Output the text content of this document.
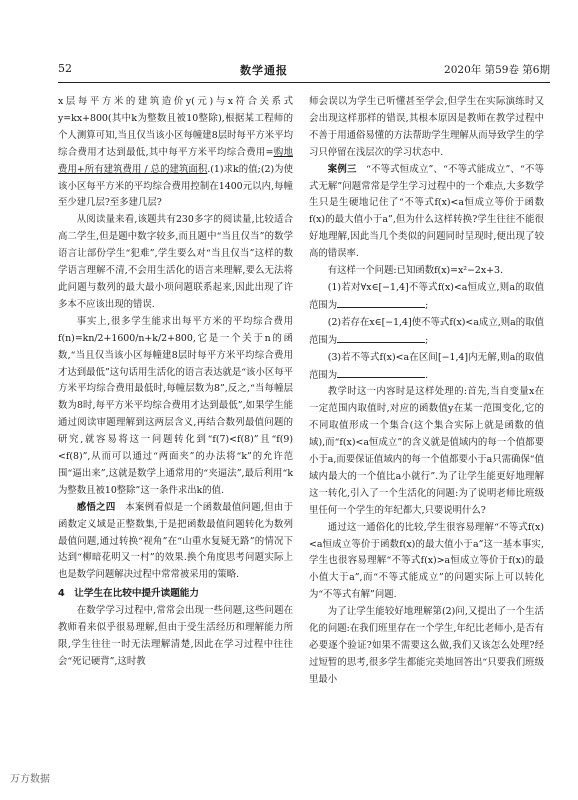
52	数学通报	2020年 第59卷 第6期

x层每平方米的建筑造价y(元)与x符合关系式y=kx+800(其中k为整数且被10整除),根据某工程师的个人测算可知,当且仅当该小区每幢建8层时每平方米平均综合费用才达到最低,其中每平方米平均综合费用=购地费用+所有建筑费用 / 总的建筑面积.(1)求k的值;(2)为使该小区每平方米的平均综合费用控制在1400元以内,每幢至少建几层?至多建几层?

从阅读量来看,该题共有230多字的阅读量,比较适合高二学生,但是题中数字较多,而且题中“当且仅当”的数学语言让部份学生“犯难”,学生要么对“当且仅当”这样的数学语言理解不清,不会用生活化的语言来理解,要么无法将此问题与数列的最大最小项问题联系起来,因此出现了许多本不应该出现的错误.

事实上,很多学生能求出每平方米的平均综合费用f(n)=kn/2+1600/n+k/2+800,它是一个关于n的函数,“当且仅当该小区每幢建8层时每平方米平均综合费用才达到最低”这句话用生活化的语言表达就是“该小区每平方米平均综合费用最低时,每幢层数为8”,反之,“当每幢层数为8时,每平方米平均综合费用才达到最低”,如果学生能通过阅读审题理解到这两层含义,再结合数列最值问题的研究,就容易将这一问题转化到“f(7)<f(8)”且“f(9)<f(8)”,从而可以通过“两面夹”的办法将“k”的允许范围“逼出来”,这就是数学上通常用的“夹逼法”,最后利用“k为整数且被10整除”这一条件求出k的值.

感悟之四　 本案例看似是一个函数最值问题,但由于函数定义域是正整数集,于是把函数最值问题转化为数列最值问题,通过转换“视角”在“山重水复疑无路”的情况下达到“柳暗花明又一村”的效果.换个角度思考问题实际上也是数学问题解决过程中常常被采用的策略.

4　让学生在比较中提升读题能力

在数学学习过程中,常常会出现一些问题,这些问题在教师看来似乎很易理解,但由于受生活经历和理解能力所限,学生往往一时无法理解清楚,因此在学习过程中往往会“死记硬背”,这时教

师会误以为学生已听懂甚至学会,但学生在实际演练时又会出现这样那样的错误,其根本原因是教师在教学过程中不善于用通俗易懂的方法帮助学生理解从而导致学生的学习只停留在浅层次的学习状态中.

案例三　 “不等式恒成立”、“不等式能成立”、“不等式无解”问题常常是学生学习过程中的一个难点,大多数学生只是生硬地记住了“不等式f(x)<a恒成立等价于函数f(x)的最大值小于a”,但为什么这样转换?学生往往不能很好地理解,因此当几个类似的问题同时呈现时,便出现了较高的错误率.

有这样一个问题:已知函数f(x)=x²−2x+3.

(1)若对∀x∈[−1,4]不等式f(x)<a恒成立,则a的取值范围为	;

(2)若存在x∈[−1,4]使不等式f(x)<a成立,则a的取值范围为	;

(3)若不等式f(x)<a在区间[−1,4]内无解,则a的取值范围为	.

教学时这一内容时是这样处理的:首先,当自变量x在一定范围内取值时,对应的函数值y在某一范围变化,它的不同取值形成一个集合(这个集合实际上就是函数的值域),而“f(x)<a恒成立”的含义就是值域内的每一个值都要小于a,而要保证值域内的每一个值都要小于a只需确保“值域内最大的一个值比a小就行”.为了让学生能更好地理解这一转化,引入了一个生活化的问题:为了说明老师比班级里任何一个学生的年纪都大,只要说明什么?

通过这一通俗化的比较,学生很容易理解“不等式f(x)<a恒成立等价于函数f(x)的最大值小于a”这一基本事实,学生也很容易理解“不等式f(x)>a恒成立等价于f(x)的最小值大于a”,而“不等式能成立”的问题实际上可以转化为“不等式有解”问题.

为了让学生能较好地理解第(2)问,又提出了一个生活化的问题:在我们班里存在一个学生,年纪比老师小,是否有必要逐个验证?如果不需要这么做,我们又该怎么处理?经过短暂的思考,很多学生都能完美地回答出“只要我们班级里最小

万方数据
